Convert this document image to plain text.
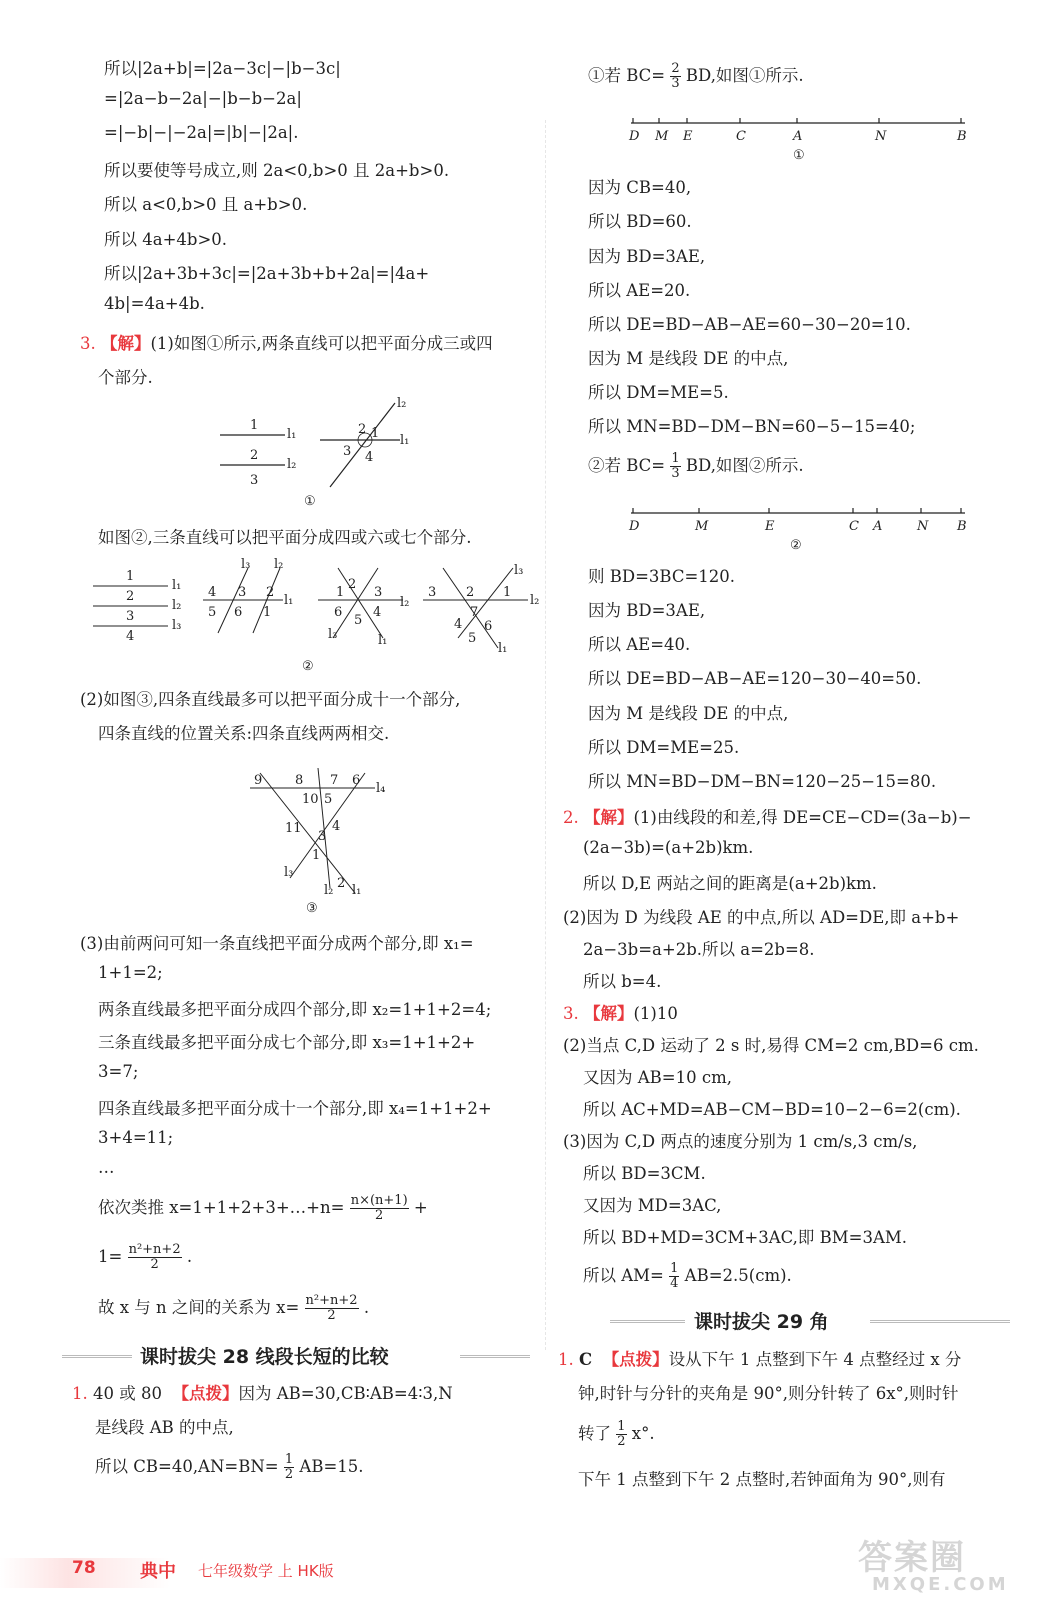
所以|2a+b|=|2a−3c|−|b−3c|
=|2a−b−2a|−|b−b−2a|
=|−b|−|−2a|=|b|−|2a|.
所以要使等号成立,则 2a<0,b>0 且 2a+b>0.
所以 a<0,b>0 且 a+b>0.
所以 4a+4b>0.
所以|2a+3b+3c|=|2a+3b+b+2a|=|4a+
4b|=4a+4b.
3. 【解】(1)如图①所示,两条直线可以把平面分成三或四
个部分.
1
l₁
2
l₂
3
2 1
3 4
l₁
l₂
①
如图②,三条直线可以把平面分成四或六或七个部分.
1
2
3
4
l₁
l₂
l₃
4 3 2
5 6 1
l₃ l₂
l₁
2
3
1
6
5
4
l₂
l₃	l₁
3 2 1
7
4 6
5
l₃
l₂
l₁
②
(2)如图③,四条直线最多可以把平面分成十一个部分,
四条直线的位置关系:四条直线两两相交.
9	8 7 6
10 5
11
3
4
1
2
l₄
l₃
l₂ l₁
③
(3)由前两问可知一条直线把平面分成两个部分,即 x₁=
1+1=2;
两条直线最多把平面分成四个部分,即 x₂=1+1+2=4;
三条直线最多把平面分成七个部分,即 x₃=1+1+2+
3=7;
四条直线最多把平面分成十一个部分,即 x₄=1+1+2+
3+4=11;
…
依次类推 x=1+1+2+3+…+n= $\frac{n\times(n+1)}{2}$ +
$1= \frac{\text{n²+n+2}}{2}$ .
故 x 与 n 之间的关系为 $x= \frac{\text{n²+n+2}}{2}$ .
课时拔尖 28 线段长短的比较
1. 40 或 80 【点拨】因为 AB=30,CB∶AB=4∶3,N
是线段 AB 的中点,
所以 $CB=40,AN=BN= \frac{1}{2} AB=15$.
①若 $BC= \frac{2}{3}$ BD,如图①所示.
D M E	C	A	N	B
①
因为 CB=40,
所以 BD=60.
因为 BD=3AE,
所以 AE=20.
所以 DE=BD−AB−AE=60−30−20=10.
因为 M 是线段 DE 的中点,
所以 DM=ME=5.
所以 MN=BD−DM−BN=60−5−15=40;
②若 $BC= \frac{1}{3}$ BD,如图②所示.
D	M	E	C A	N B
②
则 BD=3BC=120.
因为 BD=3AE,
所以 AE=40.
所以 DE=BD−AB−AE=120−30−40=50.
因为 M 是线段 DE 的中点,
所以 DM=ME=25.
所以 MN=BD−DM−BN=120−25−15=80.
2. 【解】(1)由线段的和差,得 DE=CE−CD=(3a−b)−
(2a−3b)=(a+2b)km.
所以 D,E 两站之间的距离是(a+2b)km.
(2)因为 D 为线段 AE 的中点,所以 AD=DE,即 a+b+
2a−3b=a+2b.所以 a=2b=8.
所以 b=4.
3. 【解】(1)10
(2)当点 C,D 运动了 2 s 时,易得 CM=2 cm,BD=6 cm.
又因为 AB=10 cm,
所以 AC+MD=AB−CM−BD=10−2−6=2(cm).
(3)因为 C,D 两点的速度分别为 1 cm/s,3 cm/s,
所以 BD=3CM.
又因为 MD=3AC,
所以 BD+MD=3CM+3AC,即 BM=3AM.
所以 $AM= \frac{1}{4} AB=2.5(cm)$.
课时拔尖 29 角
1. C 【点拨】设从下午 1 点整到下午 4 点整经过 x 分
钟,时针与分针的夹角是 90°,则分针转了 6x°,则时针
转了 $\frac{1}{2} x^\circ$.
下午 1 点整到下午 2 点整时,若钟面角为 90°,则有
78 典中 七年级数学 上 HK版	答案圈
MXQE.COM
